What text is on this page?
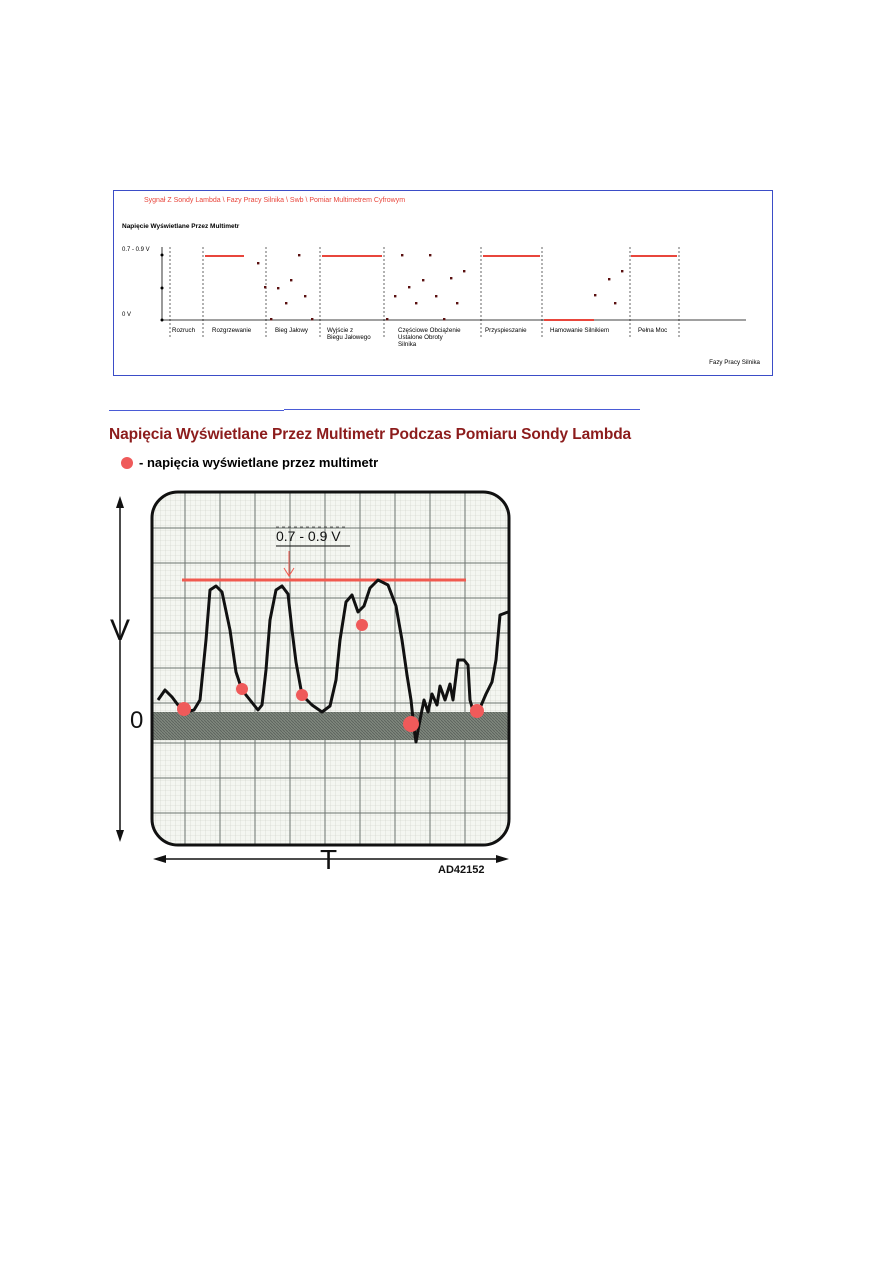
Sygnał Z Sondy Lambda \ Fazy Pracy Silnika \ Swb \ Pomiar Multimetrem Cyfrowym
Napięcie Wyświetlane Przez Multimetr
0.7 - 0.9 V
0 V
Rozruch	Rozgrzewanie	Bieg Jałowy	Wyjście z
Biegu Jałowego
Częściowe Obciążenie
Ustalone Obroty
Silnika
Przyspieszanie	Hamowanie Silnikiem	Pełna Moc
Fazy Pracy Silnika
Napięcia Wyświetlane Przez Multimetr Podczas Pomiaru Sondy Lambda
- napięcia wyświetlane przez multimetr
0.7 - 0.9 V
V
0
T	AD42152
